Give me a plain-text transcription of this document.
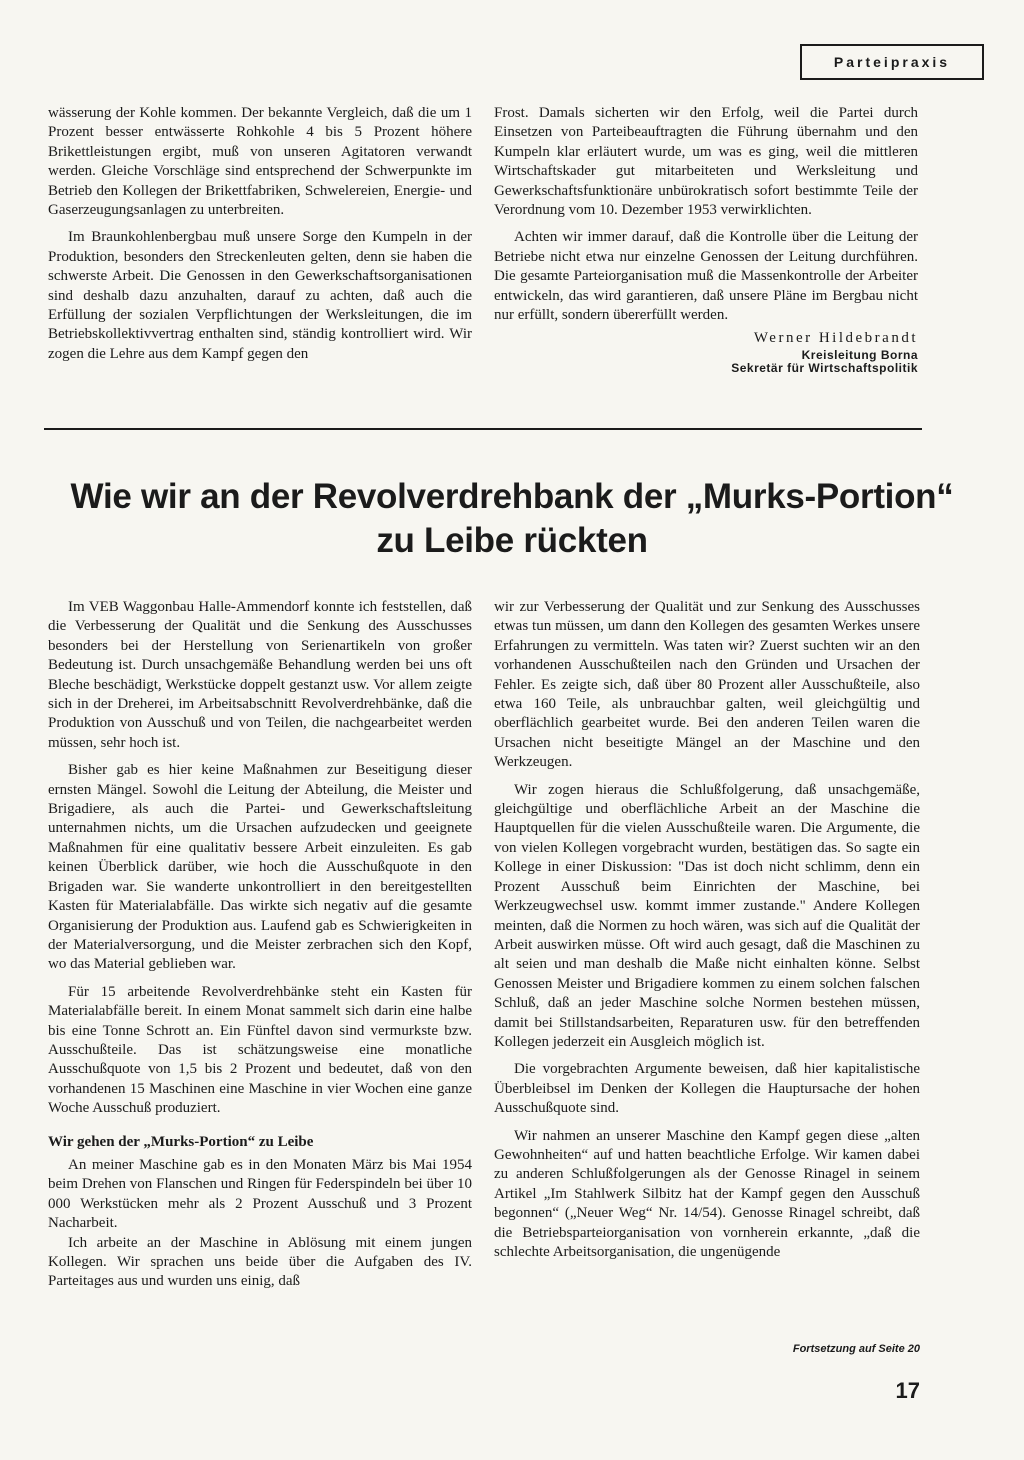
Parteipraxis

wässerung der Kohle kommen. Der bekannte Vergleich, daß die um 1 Prozent besser entwässerte Rohkohle 4 bis 5 Prozent höhere Brikettleistungen ergibt, muß von unseren Agitatoren verwandt werden. Gleiche Vorschläge sind entsprechend der Schwerpunkte im Betrieb den Kollegen der Brikettfabriken, Schwelereien, Energie- und Gaserzeugungsanlagen zu unterbreiten.

Im Braunkohlenbergbau muß unsere Sorge den Kumpeln in der Produktion, besonders den Streckenleuten gelten, denn sie haben die schwerste Arbeit. Die Genossen in den Gewerkschaftsorganisationen sind deshalb dazu anzuhalten, darauf zu achten, daß auch die Erfüllung der sozialen Verpflichtungen der Werksleitungen, die im Betriebskollektivvertrag enthalten sind, ständig kontrolliert wird. Wir zogen die Lehre aus dem Kampf gegen den

Frost. Damals sicherten wir den Erfolg, weil die Partei durch Einsetzen von Parteibeauftragten die Führung übernahm und den Kumpeln klar erläutert wurde, um was es ging, weil die mittleren Wirtschaftskader gut mitarbeiteten und Werksleitung und Gewerkschaftsfunktionäre unbürokratisch sofort bestimmte Teile der Verordnung vom 10. Dezember 1953 verwirklichten.

Achten wir immer darauf, daß die Kontrolle über die Leitung der Betriebe nicht etwa nur einzelne Genossen der Leitung durchführen. Die gesamte Parteiorganisation muß die Massenkontrolle der Arbeiter entwickeln, das wird garantieren, daß unsere Pläne im Bergbau nicht nur erfüllt, sondern übererfüllt werden.

Werner Hildebrandt
Kreisleitung Borna
Sekretär für Wirtschaftspolitik
Wie wir an der Revolverdrehbank der „Murks-Portion“
zu Leibe rückten

Im VEB Waggonbau Halle-Ammendorf konnte ich feststellen, daß die Verbesserung der Qualität und die Senkung des Ausschusses besonders bei der Herstellung von Serienartikeln von großer Bedeutung ist. Durch unsachgemäße Behandlung werden bei uns oft Bleche beschädigt, Werkstücke doppelt gestanzt usw. Vor allem zeigte sich in der Dreherei, im Arbeitsabschnitt Revolverdrehbänke, daß die Produktion von Ausschuß und von Teilen, die nachgearbeitet werden müssen, sehr hoch ist.

Bisher gab es hier keine Maßnahmen zur Beseitigung dieser ernsten Mängel. Sowohl die Leitung der Abteilung, die Meister und Brigadiere, als auch die Partei- und Gewerkschaftsleitung unternahmen nichts, um die Ursachen aufzudecken und geeignete Maßnahmen für eine qualitativ bessere Arbeit einzuleiten. Es gab keinen Überblick darüber, wie hoch die Ausschußquote in den Brigaden war. Sie wanderte unkontrolliert in den bereitgestellten Kasten für Materialabfälle. Das wirkte sich negativ auf die gesamte Organisierung der Produktion aus. Laufend gab es Schwierigkeiten in der Materialversorgung, und die Meister zerbrachen sich den Kopf, wo das Material geblieben war.

Für 15 arbeitende Revolverdrehbänke steht ein Kasten für Materialabfälle bereit. In einem Monat sammelt sich darin eine halbe bis eine Tonne Schrott an. Ein Fünftel davon sind vermurkste bzw. Ausschußteile. Das ist schätzungsweise eine monatliche Ausschußquote von 1,5 bis 2 Prozent und bedeutet, daß von den vorhandenen 15 Maschinen eine Maschine in vier Wochen eine ganze Woche Ausschuß produziert.

Wir gehen der „Murks-Portion“ zu Leibe

An meiner Maschine gab es in den Monaten März bis Mai 1954 beim Drehen von Flanschen und Ringen für Federspindeln bei über 10 000 Werkstücken mehr als 2 Prozent Ausschuß und 3 Prozent Nacharbeit.

Ich arbeite an der Maschine in Ablösung mit einem jungen Kollegen. Wir sprachen uns beide über die Aufgaben des IV. Parteitages aus und wurden uns einig, daß

wir zur Verbesserung der Qualität und zur Senkung des Ausschusses etwas tun müssen, um dann den Kollegen des gesamten Werkes unsere Erfahrungen zu vermitteln. Was taten wir? Zuerst suchten wir an den vorhandenen Ausschußteilen nach den Gründen und Ursachen der Fehler. Es zeigte sich, daß über 80 Prozent aller Ausschußteile, also etwa 160 Teile, als unbrauchbar galten, weil gleichgültig und oberflächlich gearbeitet wurde. Bei den anderen Teilen waren die Ursachen nicht beseitigte Mängel an der Maschine und den Werkzeugen.

Wir zogen hieraus die Schlußfolgerung, daß unsachgemäße, gleichgültige und oberflächliche Arbeit an der Maschine die Hauptquellen für die vielen Ausschußteile waren. Die Argumente, die von vielen Kollegen vorgebracht wurden, bestätigen das. So sagte ein Kollege in einer Diskussion: "Das ist doch nicht schlimm, denn ein Prozent Ausschuß beim Einrichten der Maschine, bei Werkzeugwechsel usw. kommt immer zustande." Andere Kollegen meinten, daß die Normen zu hoch wären, was sich auf die Qualität der Arbeit auswirken müsse. Oft wird auch gesagt, daß die Maschinen zu alt seien und man deshalb die Maße nicht einhalten könne. Selbst Genossen Meister und Brigadiere kommen zu einem solchen falschen Schluß, daß an jeder Maschine solche Normen bestehen müssen, damit bei Stillstandsarbeiten, Reparaturen usw. für den betreffenden Kollegen jederzeit ein Ausgleich möglich ist.

Die vorgebrachten Argumente beweisen, daß hier kapitalistische Überbleibsel im Denken der Kollegen die Hauptursache der hohen Ausschußquote sind.

Wir nahmen an unserer Maschine den Kampf gegen diese „alten Gewohnheiten“ auf und hatten beachtliche Erfolge. Wir kamen dabei zu anderen Schlußfolgerungen als der Genosse Rinagel in seinem Artikel „Im Stahlwerk Silbitz hat der Kampf gegen den Ausschuß begonnen“ („Neuer Weg“ Nr. 14/54). Genosse Rinagel schreibt, daß die Betriebsparteiorganisation von vornherein erkannte, „daß die schlechte Arbeitsorganisation, die ungenügende

Fortsetzung auf Seite 20
17
